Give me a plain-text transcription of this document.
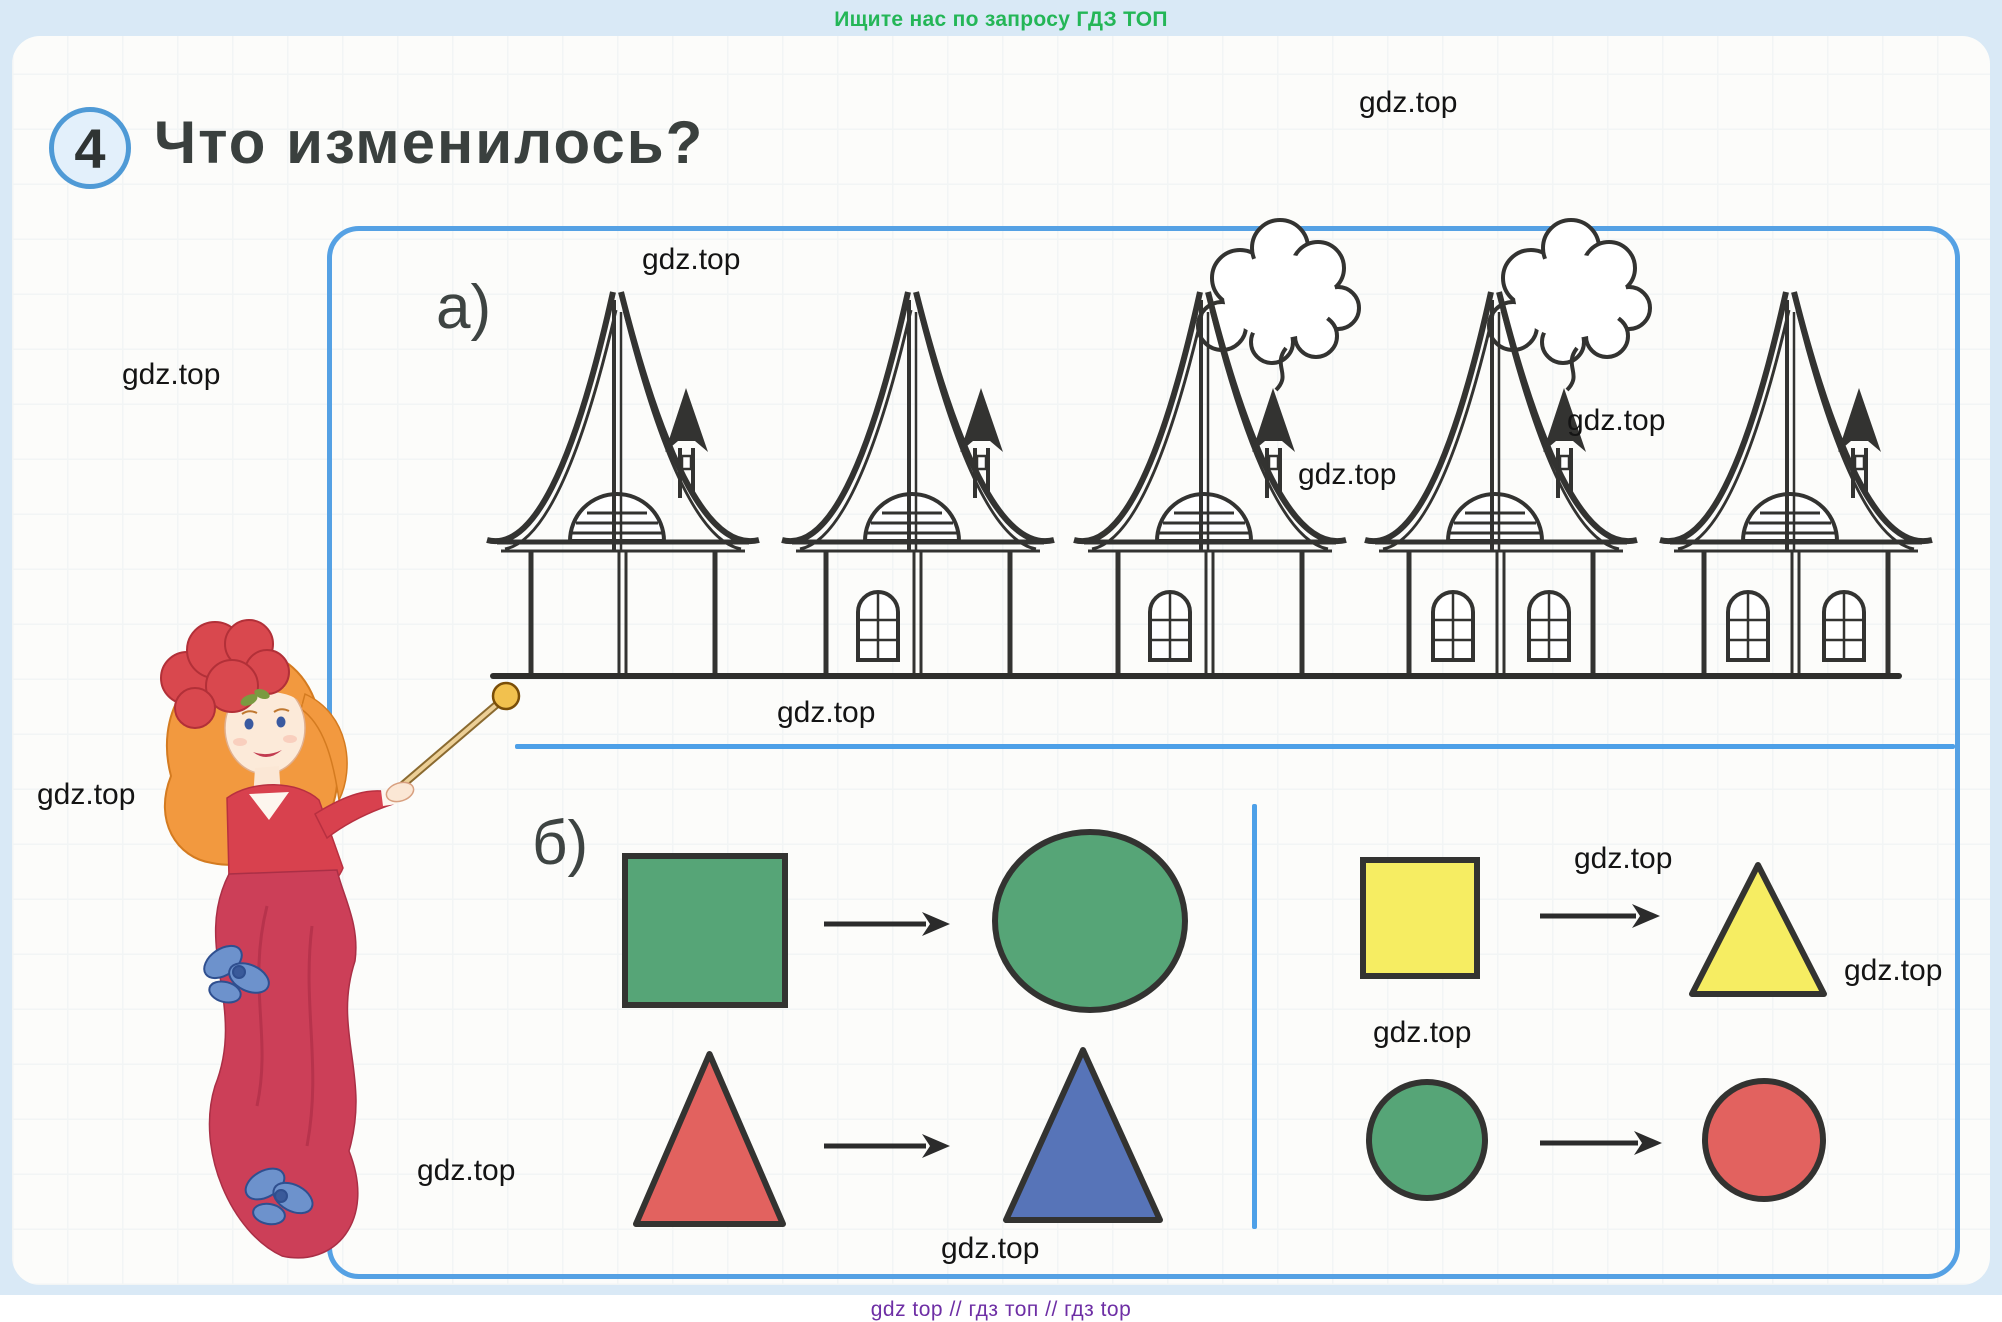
Ищите нас по запросу ГДЗ ТОП
4 Что изменилось?
а)
б)
gdz.top
gdz.top
gdz.top
gdz.top
gdz.top
gdz.top
gdz.top
gdz.top
gdz.top
gdz.top
gdz.top
gdz.top
gdz top // гдз топ // гдз top
